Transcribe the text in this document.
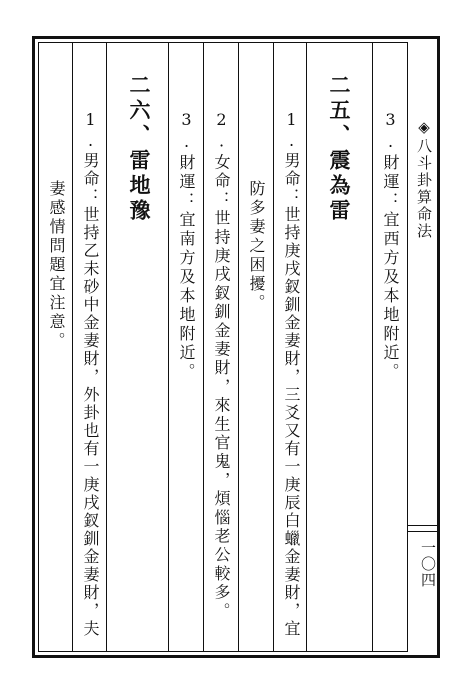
◈八斗卦算命法
一〇四
3.財運：宜西方及本地附近。
二五、震為雷
1.男命：世持庚戌釵釧金妻財，三爻又有一庚辰白蠟金妻財，宜
防多妻之困擾。
2.女命：世持庚戌釵釧金妻財，來生官鬼，煩惱老公較多。
3.財運：宜南方及本地附近。
二六、雷地豫
1.男命：世持乙未砂中金妻財，外卦也有一庚戌釵釧金妻財，夫
妻感情問題宜注意。
